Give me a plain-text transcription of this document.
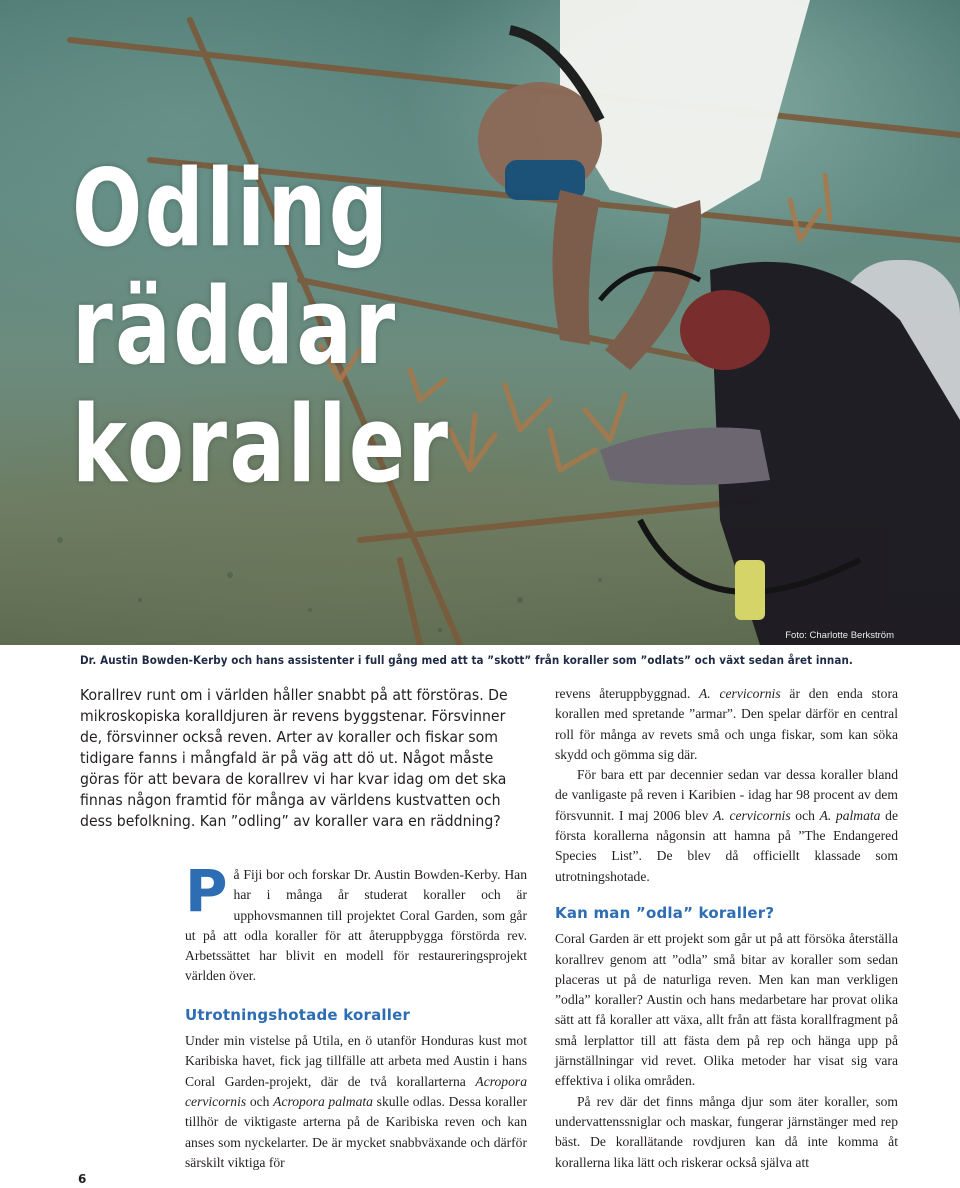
Odling
räddar
koraller
Foto: Charlotte Berkström
Dr. Austin Bowden-Kerby och hans assistenter i full gång med att ta ”skott” från koraller som ”odlats” och växt sedan året innan.
Korallrev runt om i världen håller snabbt på att förstöras. De mikroskopiska koralldjuren är revens byggstenar. Försvinner de, försvinner också reven. Arter av koraller och fiskar som tidigare fanns i mångfald är på väg att dö ut. Något måste göras för att bevara de korallrev vi har kvar idag om det ska finnas någon framtid för många av världens kustvatten och dess befolkning. Kan ”odling” av koraller vara en räddning?

På Fiji bor och forskar Dr. Austin Bowden-Kerby. Han har i många år studerat koraller och är upphovsmannen till projektet Coral Garden, som går ut på att odla koraller för att återuppbygga förstörda rev. Arbetssättet har blivit en modell för restaureringsprojekt världen över.

Utrotningshotade koraller

Under min vistelse på Utila, en ö utanför Honduras kust mot Karibiska havet, fick jag tillfälle att arbeta med Austin i hans Coral Garden-projekt, där de två korallarterna Acropora cervicornis och Acropora palmata skulle odlas. Dessa koraller tillhör de viktigaste arterna på de Karibiska reven och kan anses som nyckelarter. De är mycket snabbväxande och därför särskilt viktiga för

revens återuppbyggnad. A. cervicornis är den enda stora korallen med spretande ”armar”. Den spelar därför en central roll för många av revets små och unga fiskar, som kan söka skydd och gömma sig där.

För bara ett par decennier sedan var dessa koraller bland de vanligaste på reven i Karibien - idag har 98 procent av dem försvunnit. I maj 2006 blev A. cervicornis och A. palmata de första korallerna någonsin att hamna på ”The Endangered Species List”. De blev då officiellt klassade som utrotningshotade.

Kan man ”odla” koraller?

Coral Garden är ett projekt som går ut på att försöka återställa korallrev genom att ”odla” små bitar av koraller som sedan placeras ut på de naturliga reven. Men kan man verkligen ”odla” koraller? Austin och hans medarbetare har provat olika sätt att få koraller att växa, allt från att fästa korallfragment på små lerplattor till att fästa dem på rep och hänga upp på järnställningar vid revet. Olika metoder har visat sig vara effektiva i olika områden.

På rev där det finns många djur som äter koraller, som undervattenssniglar och maskar, fungerar järnstänger med rep bäst. De korallätande rovdjuren kan då inte komma åt korallerna lika lätt och riskerar också själva att

6
